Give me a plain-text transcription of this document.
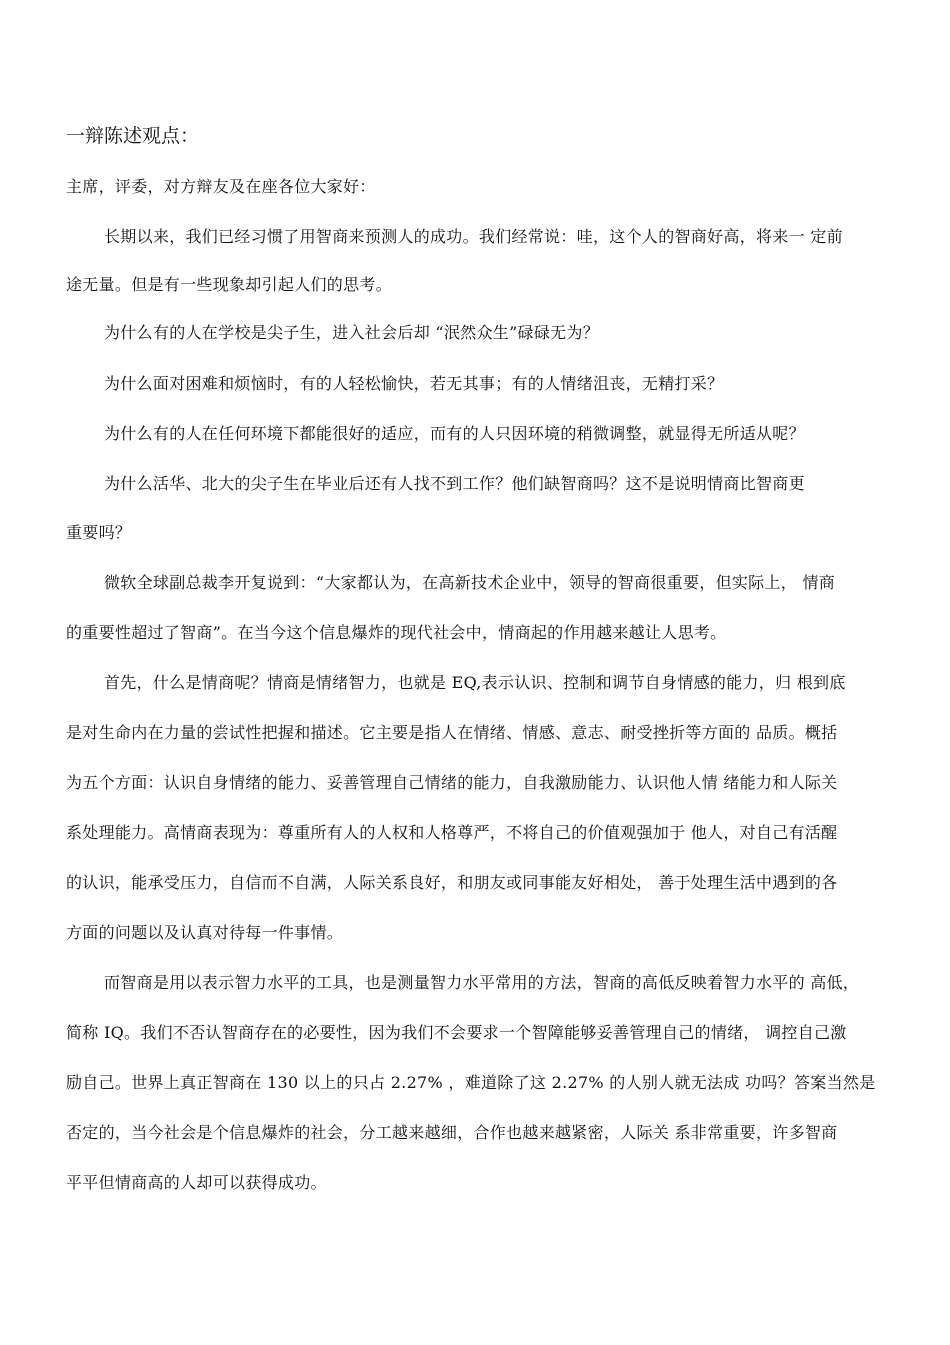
一辩陈述观点：
主席，评委，对方辩友及在座各位大家好：
长期以来，我们已经习惯了用智商来预测人的成功。我们经常说：哇，这个人的智商好高，将来一 定前
途无量。但是有一些现象却引起人们的思考。
为什么有的人在学校是尖子生，进入社会后却 “泯然众生”碌碌无为？
为什么面对困难和烦恼时，有的人轻松愉快，若无其事；有的人情绪沮丧，无精打采？
为什么有的人在任何环境下都能很好的适应，而有的人只因环境的稍微调整，就显得无所适从呢？
为什么活华、北大的尖子生在毕业后还有人找不到工作？他们缺智商吗？这不是说明情商比智商更
重要吗？
微软全球副总裁李开复说到：“大家都认为，在高新技术企业中，领导的智商很重要，但实际上， 情商
的重要性超过了智商”。在当今这个信息爆炸的现代社会中，情商起的作用越来越让人思考。
首先，什么是情商呢？情商是情绪智力，也就是 EQ,表示认识、控制和调节自身情感的能力，归 根到底
是对生命内在力量的尝试性把握和描述。它主要是指人在情绪、情感、意志、耐受挫折等方面的 品质。概括
为五个方面：认识自身情绪的能力、妥善管理自己情绪的能力，自我激励能力、认识他人情 绪能力和人际关
系处理能力。高情商表现为：尊重所有人的人权和人格尊严，不将自己的价值观强加于 他人，对自己有活醒
的认识，能承受压力，自信而不自满，人际关系良好，和朋友或同事能友好相处， 善于处理生活中遇到的各
方面的问题以及认真对待每一件事情。
而智商是用以表示智力水平的工具，也是测量智力水平常用的方法，智商的高低反映着智力水平的 高低，
简称 IQ。我们不否认智商存在的必要性，因为我们不会要求一个智障能够妥善管理自己的情绪， 调控自己激
励自己。世界上真正智商在 130 以上的只占 2.27% ，难道除了这 2.27% 的人别人就无法成 功吗？答案当然是
否定的，当今社会是个信息爆炸的社会，分工越来越细，合作也越来越紧密，人际关 系非常重要，许多智商
平平但情商高的人却可以获得成功。
